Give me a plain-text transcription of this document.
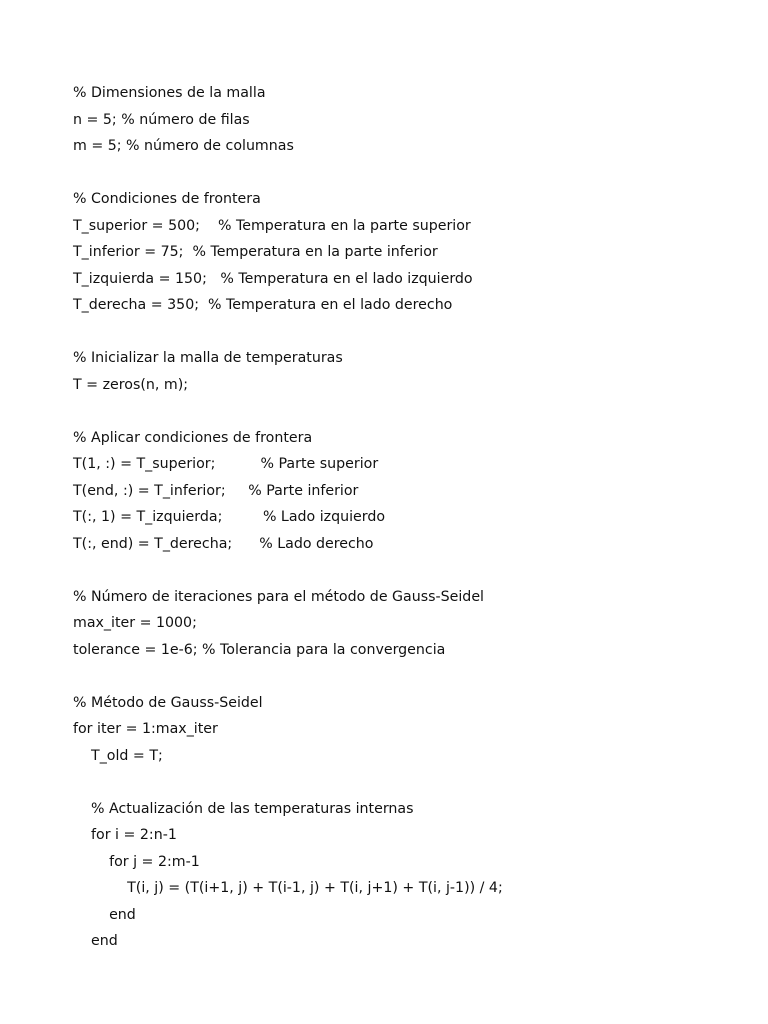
% Dimensiones de la malla
n = 5; % número de filas
m = 5; % número de columnas
% Condiciones de frontera
T_superior = 500;    % Temperatura en la parte superior
T_inferior = 75;  % Temperatura en la parte inferior
T_izquierda = 150;   % Temperatura en el lado izquierdo
T_derecha = 350;  % Temperatura en el lado derecho
% Inicializar la malla de temperaturas
T = zeros(n, m);
% Aplicar condiciones de frontera
T(1, :) = T_superior;          % Parte superior
T(end, :) = T_inferior;     % Parte inferior
T(:, 1) = T_izquierda;         % Lado izquierdo
T(:, end) = T_derecha;      % Lado derecho
% Número de iteraciones para el método de Gauss-Seidel
max_iter = 1000;
tolerance = 1e-6; % Tolerancia para la convergencia
% Método de Gauss-Seidel
for iter = 1:max_iter
T_old = T;
% Actualización de las temperaturas internas
for i = 2:n-1
for j = 2:m-1
T(i, j) = (T(i+1, j) + T(i-1, j) + T(i, j+1) + T(i, j-1)) / 4;
end
end
